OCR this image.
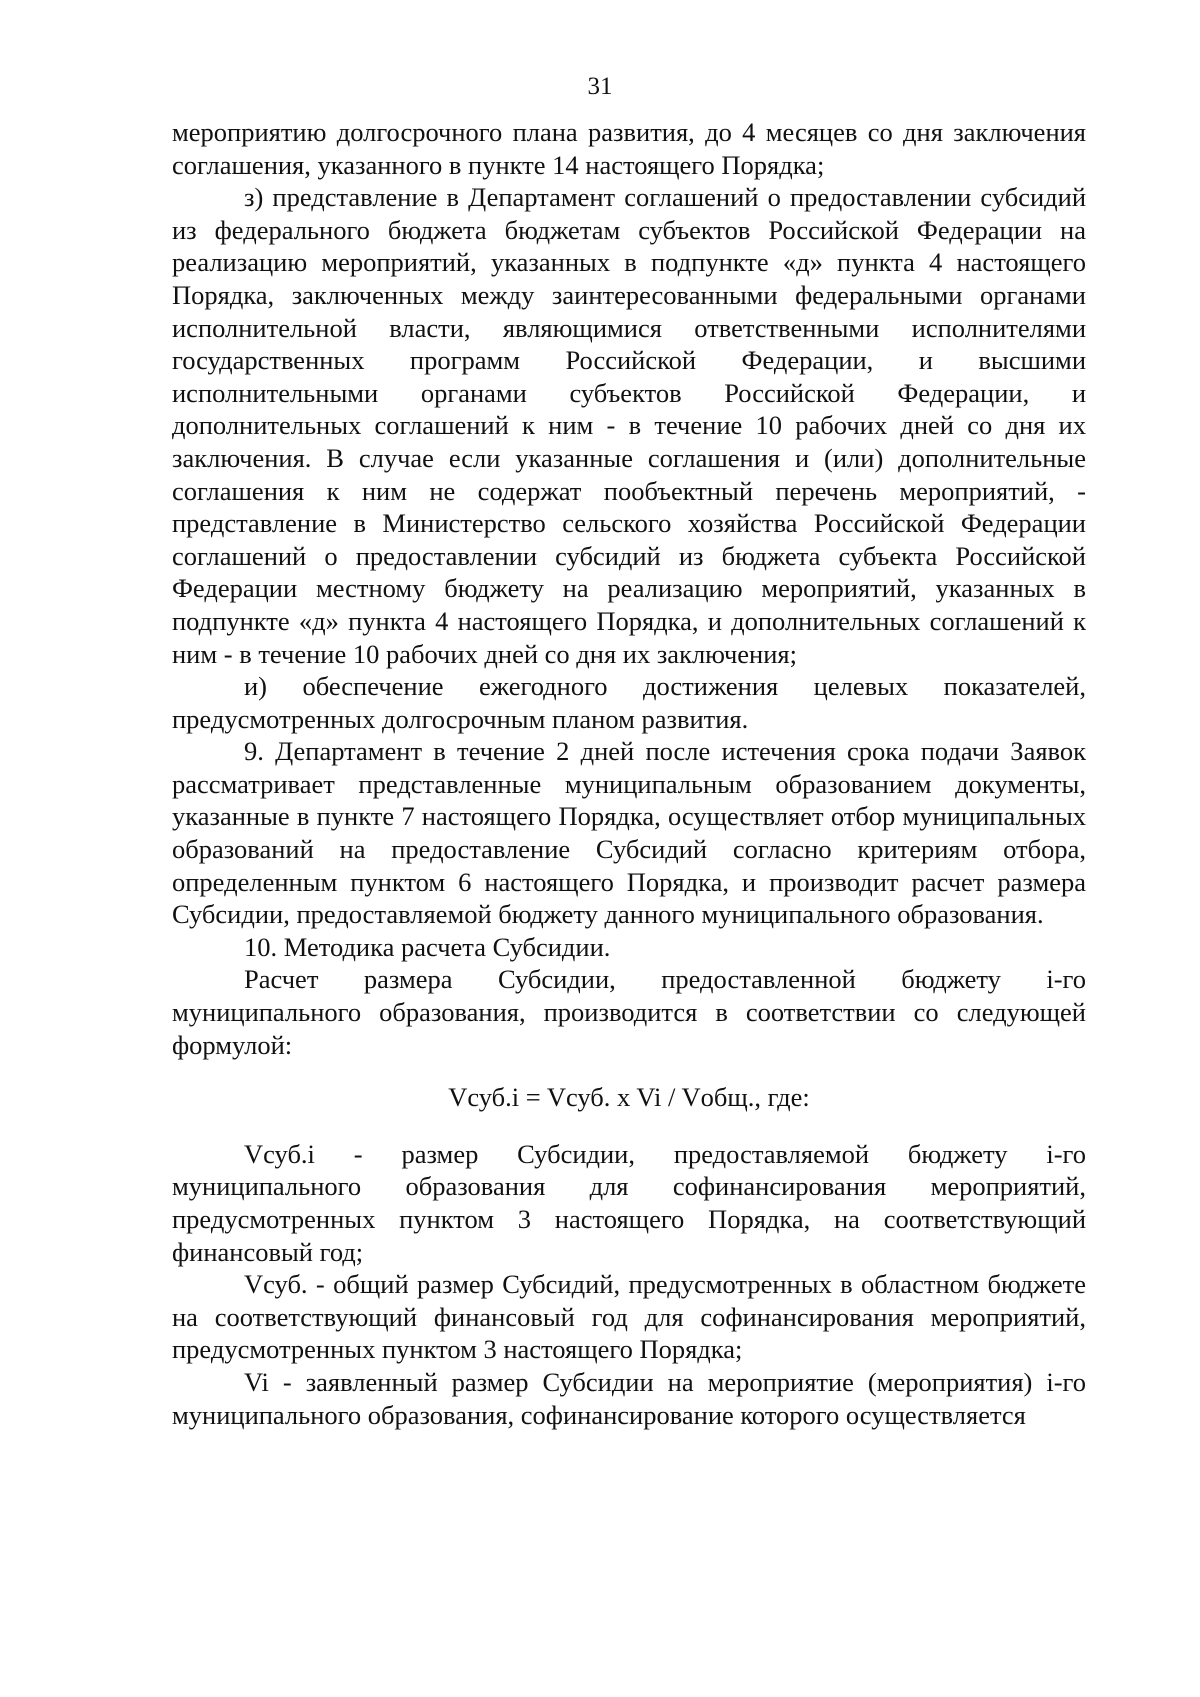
31

мероприятию долгосрочного плана развития, до 4 месяцев со дня заключения соглашения, указанного в пункте 14 настоящего Порядка;

з) представление в Департамент соглашений о предоставлении субсидий из федерального бюджета бюджетам субъектов Российской Федерации на реализацию мероприятий, указанных в подпункте «д» пункта 4 настоящего Порядка, заключенных между заинтересованными федеральными органами исполнительной власти, являющимися ответственными исполнителями государственных программ Российской Федерации, и высшими исполнительными органами субъектов Российской Федерации, и дополнительных соглашений к ним - в течение 10 рабочих дней со дня их заключения. В случае если указанные соглашения и (или) дополнительные соглашения к ним не содержат пообъектный перечень мероприятий, - представление в Министерство сельского хозяйства Российской Федерации соглашений о предоставлении субсидий из бюджета субъекта Российской Федерации местному бюджету на реализацию мероприятий, указанных в подпункте «д» пункта 4 настоящего Порядка, и дополнительных соглашений к ним - в течение 10 рабочих дней со дня их заключения;

и) обеспечение ежегодного достижения целевых показателей, предусмотренных долгосрочным планом развития.

9. Департамент в течение 2 дней после истечения срока подачи Заявок рассматривает представленные муниципальным образованием документы, указанные в пункте 7 настоящего Порядка, осуществляет отбор муниципальных образований на предоставление Субсидий согласно критериям отбора, определенным пунктом 6 настоящего Порядка, и производит расчет размера Субсидии, предоставляемой бюджету данного муниципального образования.

10. Методика расчета Субсидии.

Расчет размера Субсидии, предоставленной бюджету i-го муниципального образования, производится в соответствии со следующей формулой:

Vсуб.i = Vсуб. x Vi / Vобщ., где:

Vсуб.i - размер Субсидии, предоставляемой бюджету i-го муниципального образования для софинансирования мероприятий, предусмотренных пунктом 3 настоящего Порядка, на соответствующий финансовый год;

Vсуб. - общий размер Субсидий, предусмотренных в областном бюджете на соответствующий финансовый год для софинансирования мероприятий, предусмотренных пунктом 3 настоящего Порядка;

Vi - заявленный размер Субсидии на мероприятие (мероприятия) i-го муниципального образования, софинансирование которого осуществляется
